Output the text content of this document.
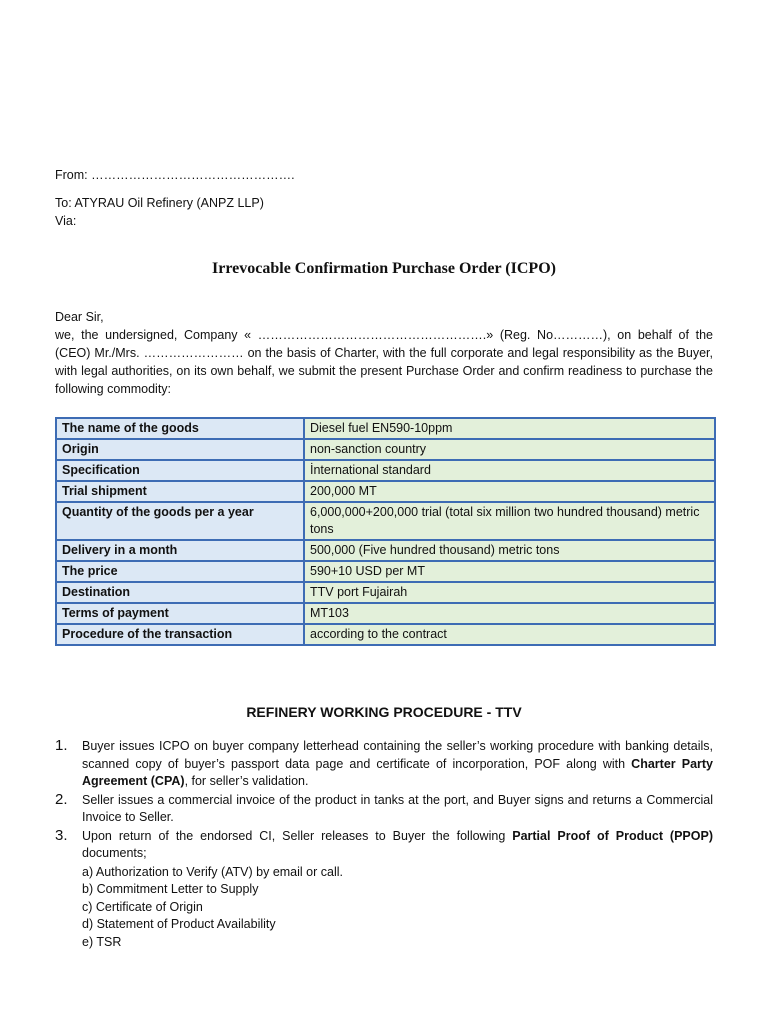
From: ………………………………………….
To: ATYRAU Oil Refinery (ANPZ LLP)
Via:
Irrevocable Confirmation Purchase Order (ICPO)
Dear Sir,
we, the undersigned, Company « ……………………………………………….» (Reg. No…………), on behalf of the (CEO) Mr./Mrs. …………………… on the basis of Charter, with the full corporate and legal responsibility as the Buyer, with legal authorities, on its own behalf, we submit the present Purchase Order and confirm readiness to purchase the following commodity:
The name of the goods	Diesel fuel EN590-10ppm
Origin	non-sanction country
Specification	İnternational standard
Trial shipment	200,000 MT
Quantity of the goods per a year	6,000,000+200,000 trial (total six million two hundred thousand) metric tons
Delivery in a month	500,000 (Five hundred thousand) metric tons
The price	590+10 USD per MT
Destination	TTV port Fujairah
Terms of payment	MT103
Procedure of the transaction	according to the contract
REFINERY WORKING PROCEDURE - TTV
1. Buyer issues ICPO on buyer company letterhead containing the seller’s working procedure with banking details, scanned copy of buyer’s passport data page and certificate of incorporation, POF along with Charter Party Agreement (CPA), for seller’s validation.
2. Seller issues a commercial invoice of the product in tanks at the port, and Buyer signs and returns a Commercial Invoice to Seller.
3. Upon return of the endorsed CI, Seller releases to Buyer the following Partial Proof of Product (PPOP) documents;
a) Authorization to Verify (ATV) by email or call.
b) Commitment Letter to Supply
c) Certificate of Origin
d) Statement of Product Availability
e) TSR
